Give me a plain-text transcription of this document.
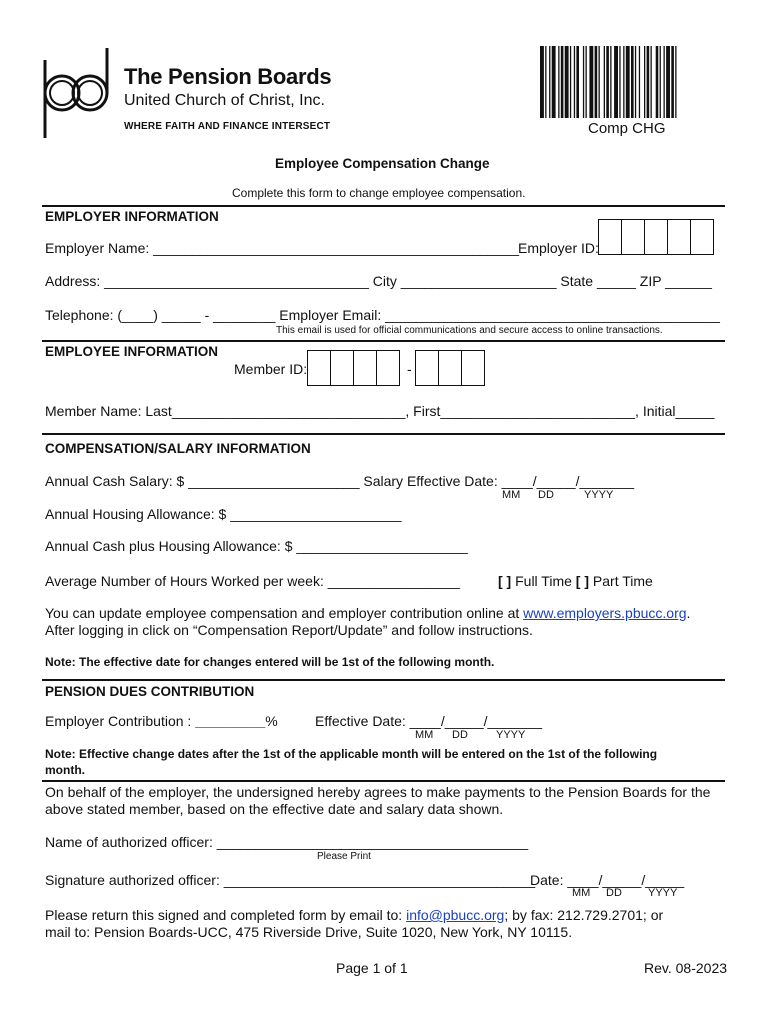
The Pension Boards
United Church of Christ, Inc.
WHERE FAITH AND FINANCE INTERSECT	Comp CHG
Employee Compensation Change
Complete this form to change employee compensation.
EMPLOYER INFORMATION
Employer Name: _______________________________________________
Employer ID:
Address: __________________________________ City ____________________ State _____ ZIP ______
Telephone: (____) _____ - ________ Employer Email: ___________________________________________
This email is used for official communications and secure access to online transactions.
EMPLOYEE INFORMATION
Member ID:	-
Member Name: Last______________________________, First_________________________, Initial_____
COMPENSATION/SALARY INFORMATION
Annual Cash Salary: $ ______________________ Salary Effective Date: ____/_____/_______
MM DD	YYYY
Annual Housing Allowance: $ ______________________
Annual Cash plus Housing Allowance: $ ______________________
Average Number of Hours Worked per week: _________________	[ ] Full Time [ ] Part Time
You can update employee compensation and employer contribution online at www.employers.pbucc.org.
After logging in click on “Compensation Report/Update” and follow instructions.
Note: The effective date for changes entered will be 1st of the following month.
PENSION DUES CONTRIBUTION
Employer Contribution : _________%	Effective Date: ____/_____/_______
MM DD	YYYY
Note: Effective change dates after the 1st of the applicable month will be entered on the 1st of the following
month.
On behalf of the employer, the undersigned hereby agrees to make payments to the Pension Boards for the
above stated member, based on the effective date and salary data shown.
Name of authorized officer: ________________________________________
Please Print
Signature authorized officer: ________________________________________
Date: ____/_____/_____
MM DD YYYY
Please return this signed and completed form by email to: info@pbucc.org; by fax: 212.729.2701; or
mail to: Pension Boards-UCC, 475 Riverside Drive, Suite 1020, New York, NY 10115.
Page 1 of 1	Rev. 08-2023
